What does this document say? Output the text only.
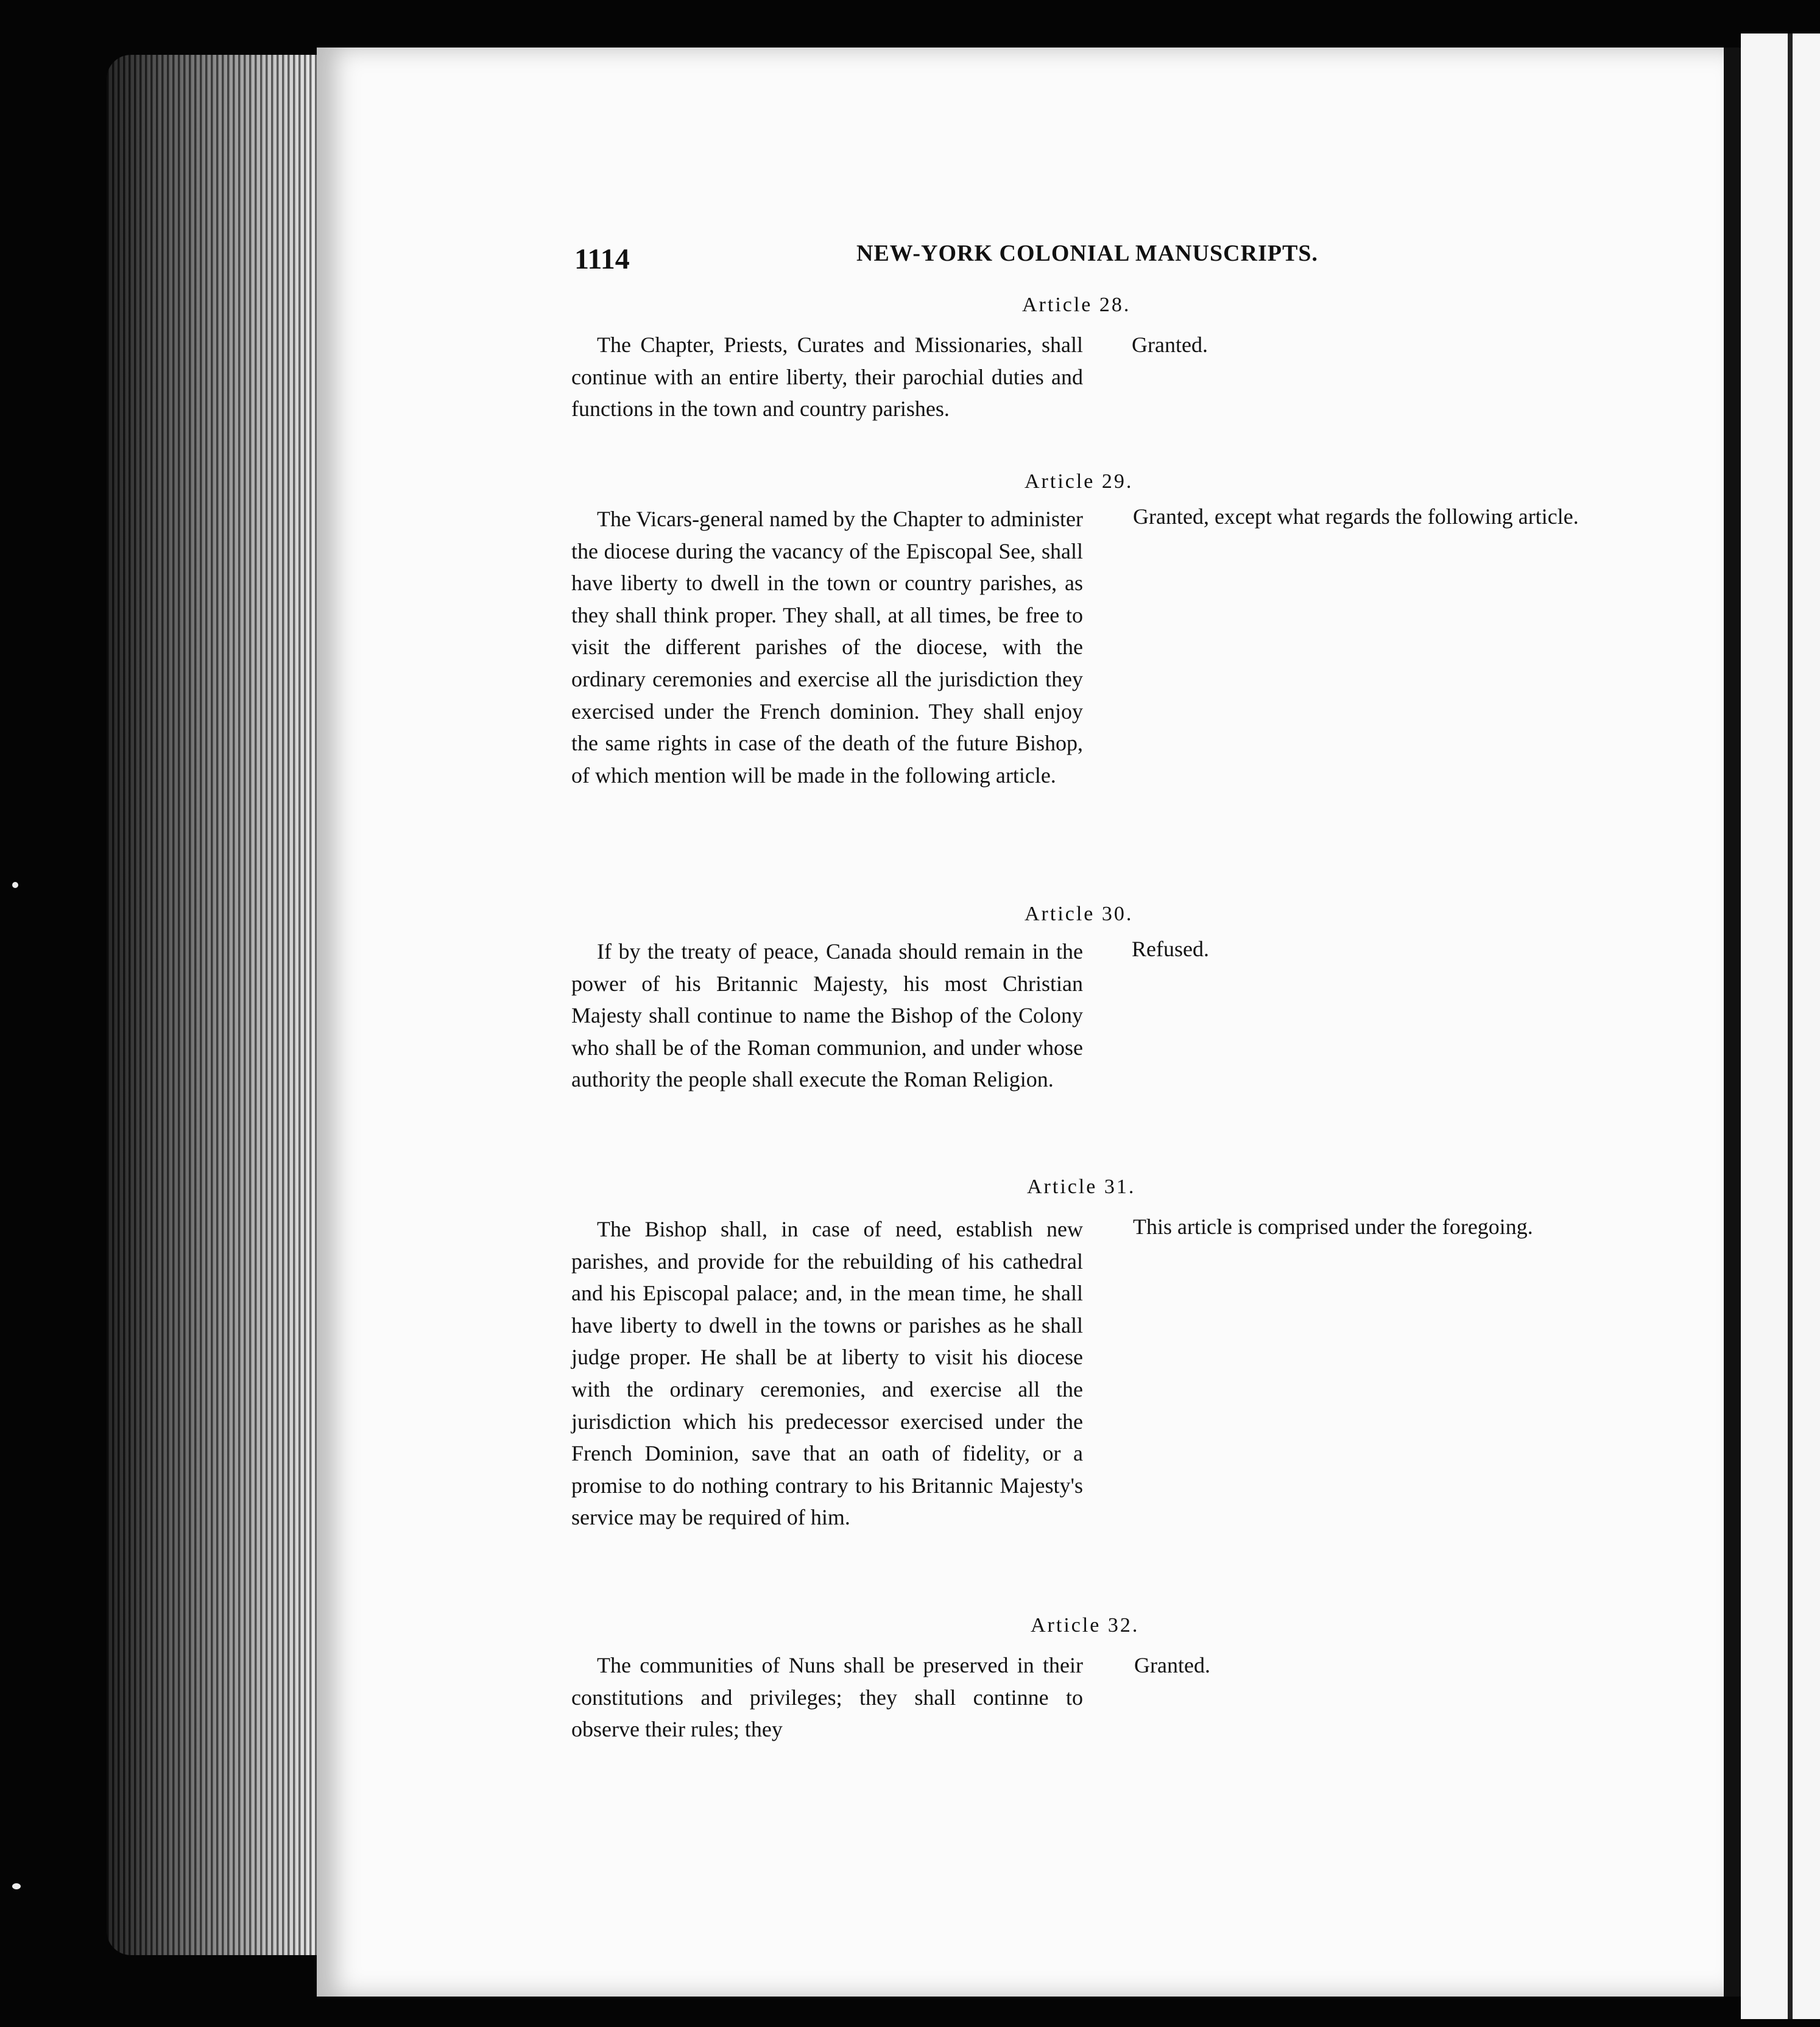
1114	NEW-YORK COLONIAL MANUSCRIPTS.
Article 28.
The Chapter, Priests, Curates and Missionaries, shall continue with an entire liberty, their parochial duties and functions in the town and country parishes.
Granted.
Article 29.
The Vicars-general named by the Chapter to administer the diocese during the vacancy of the Episcopal See, shall have liberty to dwell in the town or country parishes, as they shall think proper. They shall, at all times, be free to visit the different parishes of the diocese, with the ordinary ceremonies and exercise all the jurisdiction they exercised under the French dominion. They shall enjoy the same rights in case of the death of the future Bishop, of which mention will be made in the following article.
Granted, except what regards the following article.
Article 30.
If by the treaty of peace, Canada should remain in the power of his Britannic Majesty, his most Christian Majesty shall continue to name the Bishop of the Colony who shall be of the Roman communion, and under whose authority the people shall execute the Roman Religion.
Refused.
Article 31.
The Bishop shall, in case of need, establish new parishes, and provide for the rebuilding of his cathedral and his Episcopal palace; and, in the mean time, he shall have liberty to dwell in the towns or parishes as he shall judge proper. He shall be at liberty to visit his diocese with the ordinary ceremonies, and exercise all the jurisdiction which his predecessor exercised under the French Dominion, save that an oath of fidelity, or a promise to do nothing contrary to his Britannic Majesty's service may be required of him.
This article is comprised under the foregoing.
Article 32.
The communities of Nuns shall be preserved in their constitutions and privileges; they shall continne to observe their rules; they
Granted.
